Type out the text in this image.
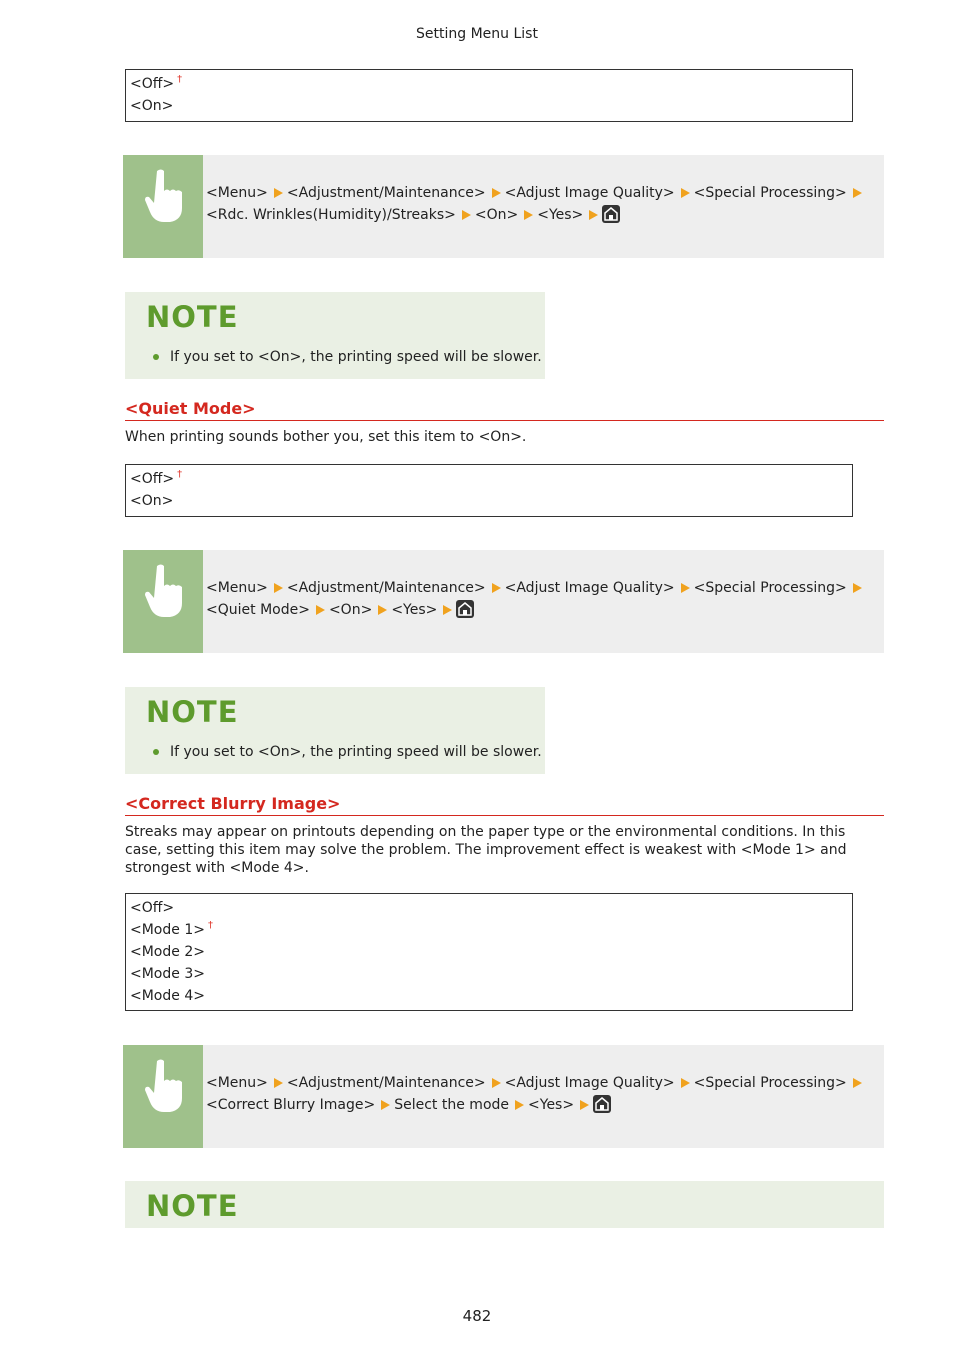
Setting Menu List
<Off> †
<On>
<Menu> <Adjustment/Maintenance> <Adjust Image Quality> <Special Processing><Rdc. Wrinkles(Humidity)/Streaks> <On> <Yes>
NOTE
If you set to <On>, the printing speed will be slower.
<Quiet Mode>
When printing sounds bother you, set this item to <On>.
<Off> †
<On>
<Menu> <Adjustment/Maintenance> <Adjust Image Quality> <Special Processing><Quiet Mode> <On> <Yes>
NOTE
If you set to <On>, the printing speed will be slower.
<Correct Blurry Image>
Streaks may appear on printouts depending on the paper type or the environmental conditions. In this case, setting this item may solve the problem. The improvement effect is weakest with <Mode 1> and strongest with <Mode 4>.
<Off>
<Mode 1> †
<Mode 2>
<Mode 3>
<Mode 4>
<Menu> <Adjustment/Maintenance> <Adjust Image Quality> <Special Processing><Correct Blurry Image> Select the mode <Yes>
NOTE
482
